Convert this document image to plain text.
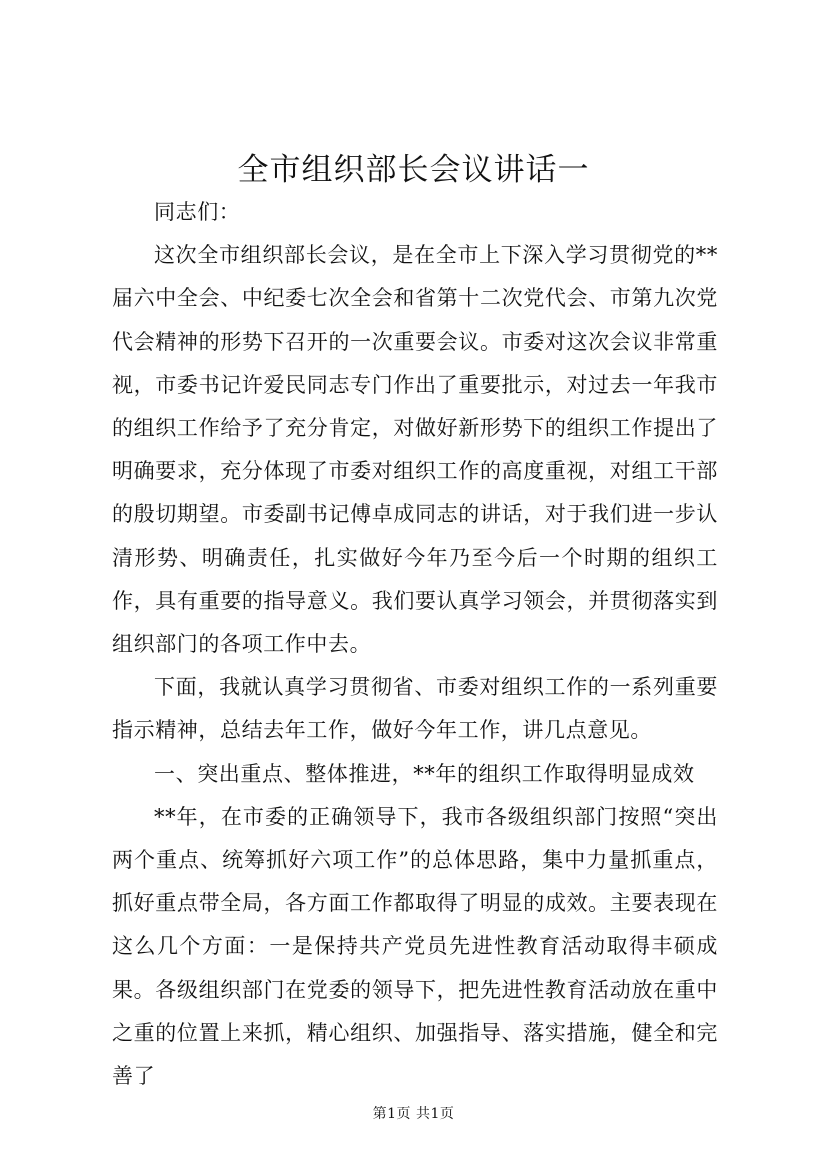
全市组织部长会议讲话一

同志们：

这次全市组织部长会议，是在全市上下深入学习贯彻党的**届六中全会、中纪委七次全会和省第十二次党代会、市第九次党代会精神的形势下召开的一次重要会议。市委对这次会议非常重视，市委书记许爱民同志专门作出了重要批示，对过去一年我市的组织工作给予了充分肯定，对做好新形势下的组织工作提出了明确要求，充分体现了市委对组织工作的高度重视，对组工干部的殷切期望。市委副书记傅卓成同志的讲话，对于我们进一步认清形势、明确责任，扎实做好今年乃至今后一个时期的组织工作，具有重要的指导意义。我们要认真学习领会，并贯彻落实到组织部门的各项工作中去。

下面，我就认真学习贯彻省、市委对组织工作的一系列重要指示精神，总结去年工作，做好今年工作，讲几点意见。

一、突出重点、整体推进，**年的组织工作取得明显成效

**年，在市委的正确领导下，我市各级组织部门按照“突出两个重点、统筹抓好六项工作”的总体思路，集中力量抓重点，抓好重点带全局，各方面工作都取得了明显的成效。主要表现在这么几个方面：一是保持共产党员先进性教育活动取得丰硕成果。各级组织部门在党委的领导下，把先进性教育活动放在重中之重的位置上来抓，精心组织、加强指导、落实措施，健全和完善了

第1页 共1页
